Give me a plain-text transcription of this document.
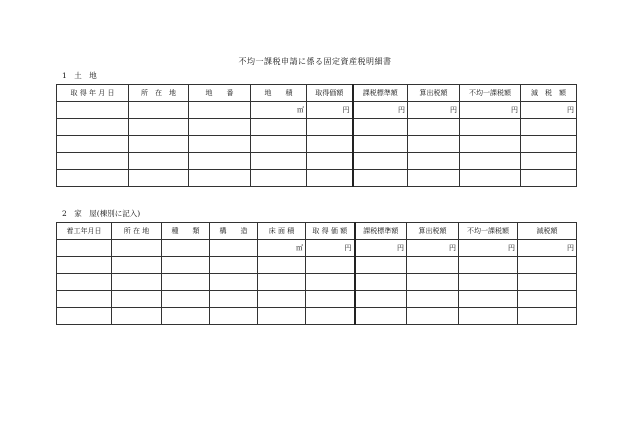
不均一課税申請に係る固定資産税明細書
1　土　地
取 得 年 月 日	所　在　地	地　　番	地　　積	取得価額	課税標準額	算出税額	不均一課税額	減　税　額
			㎡	円	円	円	円	円

2　家　屋(棟別に記入)
着工年月日	所 在 地	種　　類	構　　造	床 面 積	取 得 価 額	課税標準額	算出税額	不均一課税額	減税額
				㎡	円	円	円	円	円
